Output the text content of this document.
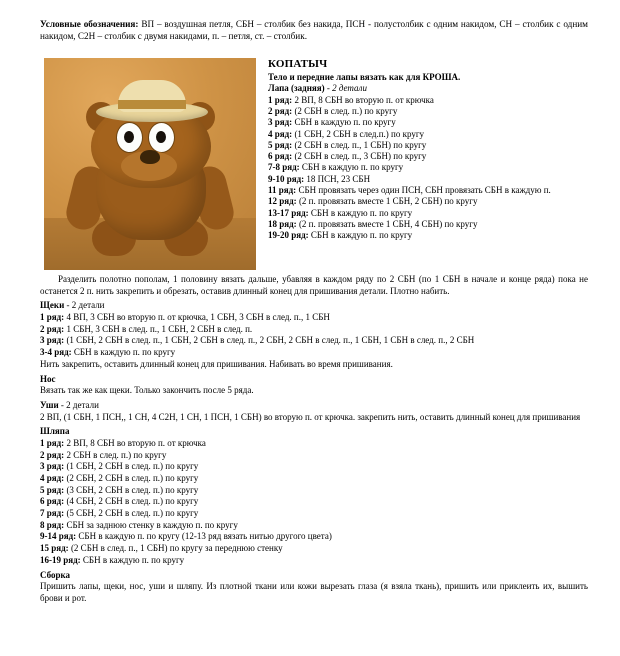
Условные обозначения: ВП – воздушная петля, СБН – столбик без накида, ПСН - полустолбик с одним накидом, СН – столбик с одним накидом, С2Н – столбик с двумя накидами, п. – петля, ст. – столбик.
КОПАТЫЧ
Тело и передние лапы вязать как для КРОША.
Лапа (задняя) - 2 детали
1 ряд: 2 ВП, 8 СБН во вторую п. от крючка
2 ряд: (2 СБН в след. п.) по кругу
3 ряд: СБН в каждую п. по кругу
4 ряд: (1 СБН, 2 СБН в след.п.) по кругу
5 ряд: (2 СБН в след. п., 1 СБН) по кругу
6 ряд: (2 СБН в след. п., 3 СБН) по кругу
7-8 ряд: СБН в каждую п. по кругу
9-10 ряд: 18 ПСН, 23 СБН
11 ряд: СБН провязать через один ПСН, СБН провязать СБН в каждую п.
12 ряд: (2 п. провязать вместе 1 СБН, 2 СБН) по кругу
13-17 ряд: СБН в каждую п. по кругу
18 ряд: (2 п. провязать вместе 1 СБН, 4 СБН) по кругу
19-20 ряд: СБН в каждую п. по кругу
Разделить полотно пополам, 1 половину вязать дальше, убавляя в каждом ряду по 2 СБН (по 1 СБН в начале и конце ряда) пока не останется 2 п. нить закрепить и обрезать, оставив длинный конец для пришивания детали. Плотно набить.
Щеки - 2 детали
1 ряд: 4 ВП, 3 СБН во вторую п. от крючка, 1 СБН, 3 СБН в след. п., 1 СБН
2 ряд: 1 СБН, 3 СБН в след. п., 1 СБН, 2 СБН в след. п.
3 ряд: (1 СБН, 2 СБН в след. п., 1 СБН, 2 СБН в след. п., 2 СБН, 2 СБН в след. п., 1 СБН, 1 СБН в след. п., 2 СБН
3-4 ряд: СБН в каждую п. по кругу
Нить закрепить, оставить длинный конец для пришивания. Набивать во время пришивания.
Нос
Вязать так же как щеки. Только закончить после 5 ряда.
Уши - 2 детали
2 ВП, (1 СБН, 1 ПСН,, 1 СН, 4 С2Н, 1 СН, 1 ПСН, 1 СБН) во вторую п. от крючка. закрепить нить, оставить длинный конец для пришивания
Шляпа
1 ряд: 2 ВП, 8 СБН во вторую п. от крючка
2 ряд: 2 СБН в след. п.) по кругу
3 ряд: (1 СБН, 2 СБН в след. п.) по кругу
4 ряд: (2 СБН, 2 СБН в след. п.) по кругу
5 ряд: (3 СБН, 2 СБН в след. п.) по кругу
6 ряд: (4 СБН, 2 СБН в след. п.) по кругу
7 ряд: (5 СБН, 2 СБН в след. п.) по кругу
8 ряд: СБН за заднюю стенку в каждую п. по кругу
9-14 ряд: СБН в каждую п. по кругу (12-13 ряд вязать нитью другого цвета)
15 ряд: (2 СБН в след. п., 1 СБН) по кругу за переднюю стенку
16-19 ряд: СБН в каждую п. по кругу
Сборка
Пришить лапы, щеки, нос, уши и шляпу. Из плотной ткани или кожи вырезать глаза (я взяла ткань), пришить или приклеить их, вышить брови и рот.
